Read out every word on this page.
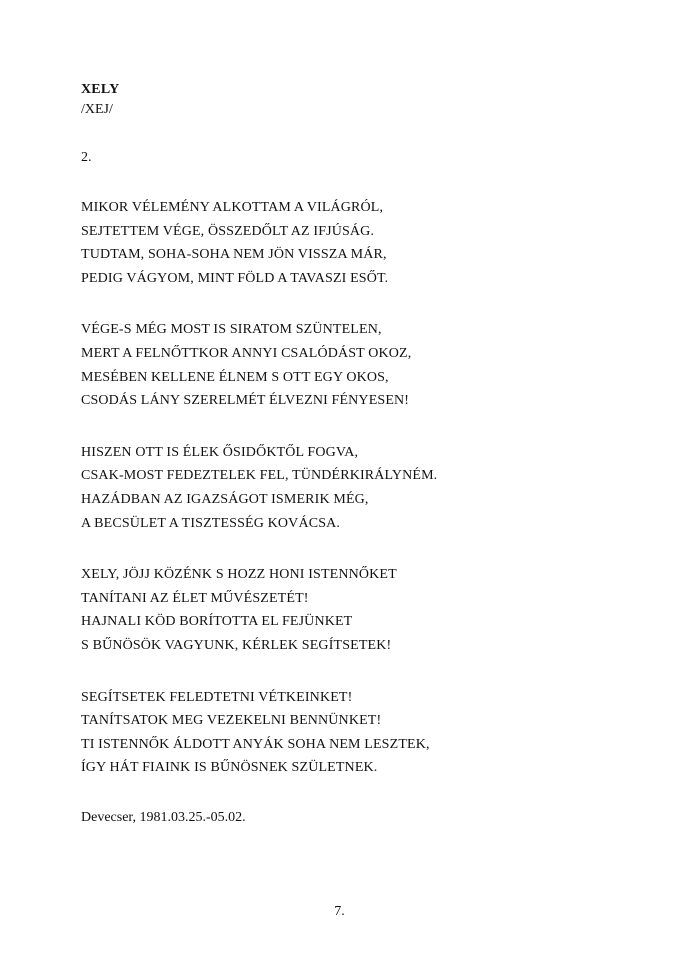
XELY
/XEJ/
2.
MIKOR VÉLEMÉNY ALKOTTAM A VILÁGRÓL,
SEJTETTEM VÉGE, ÖSSZEDŐLT AZ IFJÚSÁG.
TUDTAM, SOHA-SOHA NEM JÖN VISSZA MÁR,
PEDIG VÁGYOM, MINT FÖLD A TAVASZI ESŐT.
VÉGE-S MÉG MOST IS SIRATOM SZÜNTELEN,
MERT A FELNŐTTKOR ANNYI CSALÓDÁST OKOZ,
MESÉBEN KELLENE ÉLNEM S OTT EGY OKOS,
CSODÁS LÁNY SZERELMÉT ÉLVEZNI FÉNYESEN!
HISZEN OTT IS ÉLEK ŐSIDŐKTŐL FOGVA,
CSAK-MOST FEDEZTELEK FEL, TÜNDÉRKIRÁLYNÉM.
HAZÁDBAN AZ IGAZSÁGOT ISMERIK MÉG,
A BECSÜLET A TISZTESSÉG KOVÁCSA.
XELY, JÖJJ KÖZÉNK S HOZZ HONI ISTENNŐKET
TANÍTANI AZ ÉLET MŰVÉSZETÉT!
HAJNALI KÖD BORÍTOTTA EL FEJÜNKET
S BŰNÖSÖK VAGYUNK, KÉRLEK SEGÍTSETEK!
SEGÍTSETEK FELEDTETNI VÉTKEINKET!
TANÍTSATOK MEG VEZEKELNI BENNÜNKET!
TI ISTENNŐK ÁLDOTT ANYÁK SOHA NEM LESZTEK,
ÍGY HÁT FIAINK IS BŰNÖSNEK SZÜLETNEK.
Devecser, 1981.03.25.-05.02.
7.
